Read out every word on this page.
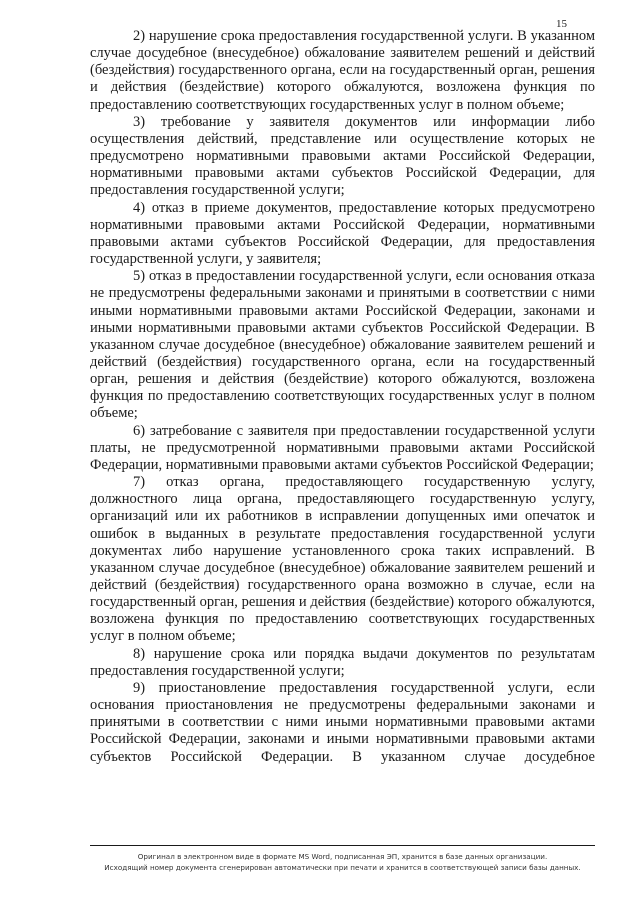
15

2) нарушение срока предоставления государственной услуги. В указанном случае досудебное (внесудебное) обжалование заявителем решений и действий (бездействия) государственного органа, если на государственный орган, решения и действия (бездействие) которого обжалуются, возложена функция по предоставлению соответствующих государственных услуг в полном объеме;

3) требование у заявителя документов или информации либо осуществления действий, представление или осуществление которых не предусмотрено нормативными правовыми актами Российской Федерации, нормативными правовыми актами субъектов Российской Федерации, для предоставления государственной услуги;

4) отказ в приеме документов, предоставление которых предусмотрено нормативными правовыми актами Российской Федерации, нормативными правовыми актами субъектов Российской Федерации, для предоставления государственной услуги, у заявителя;

5) отказ в предоставлении государственной услуги, если основания отказа не предусмотрены федеральными законами и принятыми в соответствии с ними иными нормативными правовыми актами Российской Федерации, законами и иными нормативными правовыми актами субъектов Российской Федерации. В указанном случае досудебное (внесудебное) обжалование заявителем решений и действий (бездействия) государственного органа, если на государственный орган, решения и действия (бездействие) которого обжалуются, возложена функция по предоставлению соответствующих государственных услуг в полном объеме;

6) затребование с заявителя при предоставлении государственной услуги платы, не предусмотренной нормативными правовыми актами Российской Федерации, нормативными правовыми актами субъектов Российской Федерации;

7) отказ органа, предоставляющего государственную услугу, должностного лица органа, предоставляющего государственную услугу, организаций или их работников в исправлении допущенных ими опечаток и ошибок в выданных в результате предоставления государственной услуги документах либо нарушение установленного срока таких исправлений. В указанном случае досудебное (внесудебное) обжалование заявителем решений и действий (бездействия) государственного орана возможно в случае, если на государственный орган, решения и действия (бездействие) которого обжалуются, возложена функция по предоставлению соответствующих государственных услуг в полном объеме;

8) нарушение срока или порядка выдачи документов по результатам предоставления государственной услуги;

9) приостановление предоставления государственной услуги, если основания приостановления не предусмотрены федеральными законами и принятыми в соответствии с ними иными нормативными правовыми актами Российской Федерации, законами и иными нормативными правовыми актами субъектов Российской Федерации. В указанном случае досудебное

Оригинал в электронном виде в формате MS Word, подписанная ЭП, хранится в базе данных организации.
Исходящий номер документа сгенерирован автоматически при печати и хранится в соответствующей записи базы данных.
